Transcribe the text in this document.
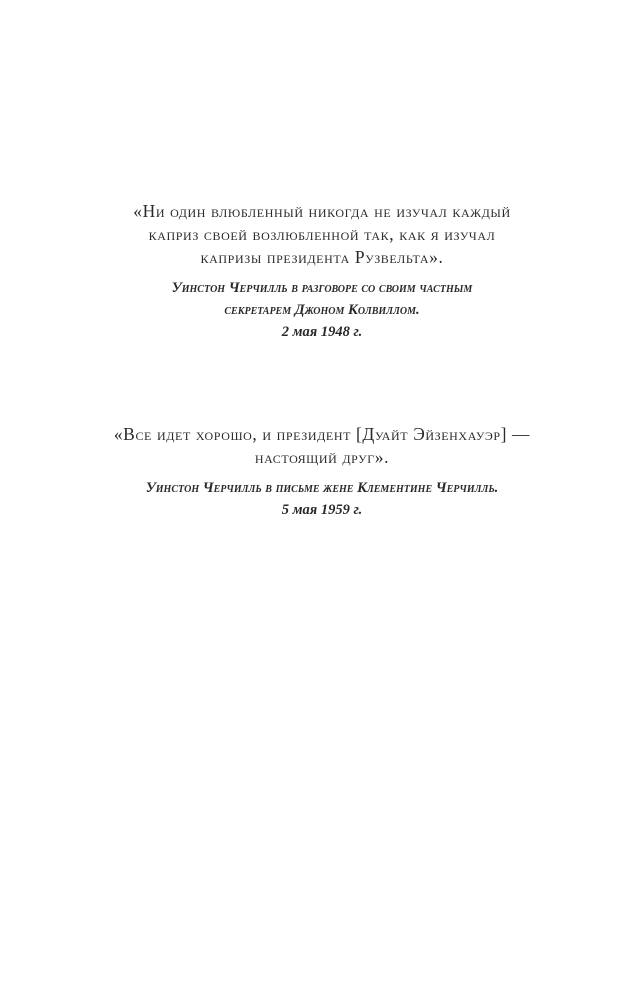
«Ни один влюбленный никогда не изучал каждый
каприз своей возлюбленной так, как я изучал
капризы президента Рузвельта».
Уинстон Черчилль в разговоре со своим частным
секретарем Джоном Колвиллом.
2 мая 1948 г.
«Все идет хорошо, и президент [Дуайт Эйзенхауэр] —
настоящий друг».
Уинстон Черчилль в письме жене Клементине Черчилль.
5 мая 1959 г.
